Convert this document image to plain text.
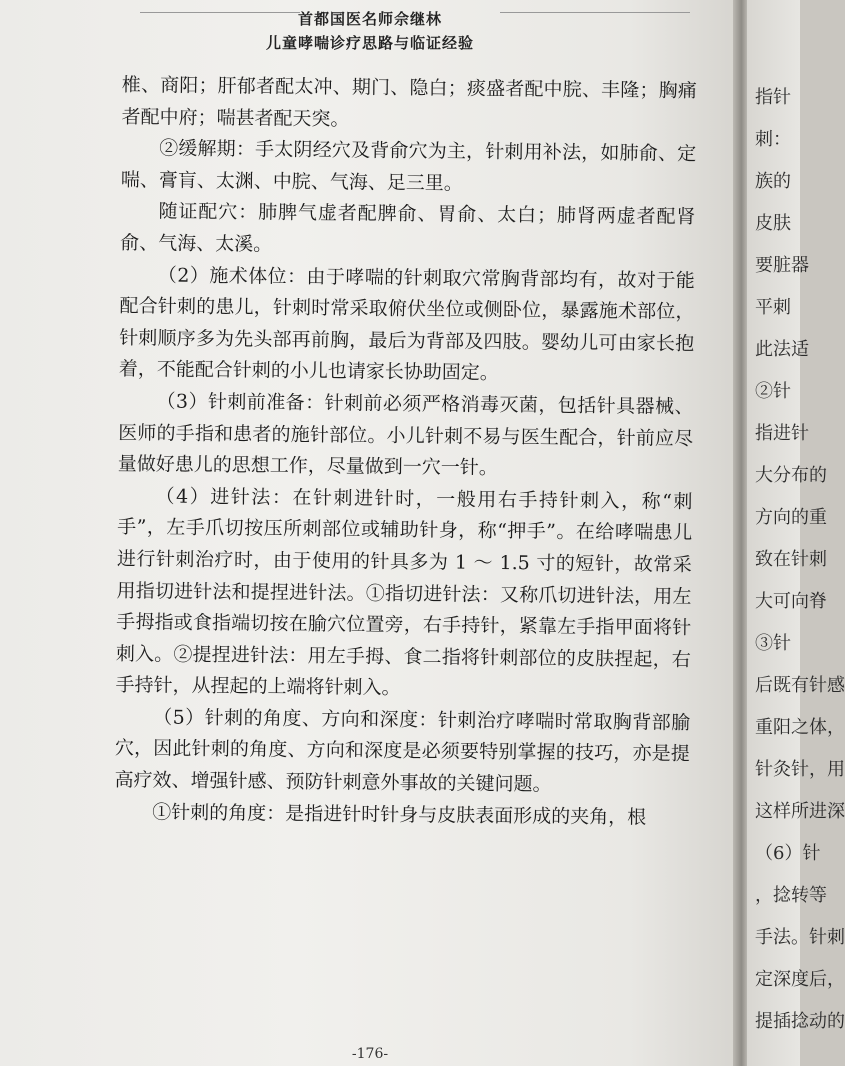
首都国医名师佘继林
儿童哮喘诊疗思路与临证经验

椎、商阳；肝郁者配太冲、期门、隐白；痰盛者配中脘、丰隆；胸痛者配中府；喘甚者配天突。

②缓解期：手太阴经穴及背俞穴为主，针刺用补法，如肺俞、定喘、膏肓、太渊、中脘、气海、足三里。

随证配穴：肺脾气虚者配脾俞、胃俞、太白；肺肾两虚者配肾俞、气海、太溪。

（2）施术体位：由于哮喘的针刺取穴常胸背部均有，故对于能配合针刺的患儿，针刺时常采取俯伏坐位或侧卧位，暴露施术部位，针刺顺序多为先头部再前胸，最后为背部及四肢。婴幼儿可由家长抱着，不能配合针刺的小儿也请家长协助固定。

（3）针刺前准备：针刺前必须严格消毒灭菌，包括针具器械、医师的手指和患者的施针部位。小儿针刺不易与医生配合，针前应尽量做好患儿的思想工作，尽量做到一穴一针。

（4）进针法：在针刺进针时，一般用右手持针刺入，称“刺手”，左手爪切按压所刺部位或辅助针身，称“押手”。在给哮喘患儿进行针刺治疗时，由于使用的针具多为 1 ～ 1.5 寸的短针，故常采用指切进针法和提捏进针法。①指切进针法：又称爪切进针法，用左手拇指或食指端切按在腧穴位置旁，右手持针，紧靠左手指甲面将针刺入。②提捏进针法：用左手拇、食二指将针刺部位的皮肤捏起，右手持针，从捏起的上端将针刺入。

（5）针刺的角度、方向和深度：针刺治疗哮喘时常取胸背部腧穴，因此针刺的角度、方向和深度是必须要特别掌握的技巧，亦是提高疗效、增强针感、预防针刺意外事故的关键问题。

①针刺的角度：是指进针时针身与皮肤表面形成的夹角，根

-176-
指针
刺：
族的
皮肤
要脏器
平刺
此法适
②针
指进针
大分布的
方向的重
致在针刺
大可向脊
③针
后既有针感
重阳之体，
针灸针，用
这样所进深
（6）针
，捻转等
手法。针刺
定深度后，
提插捻动的
